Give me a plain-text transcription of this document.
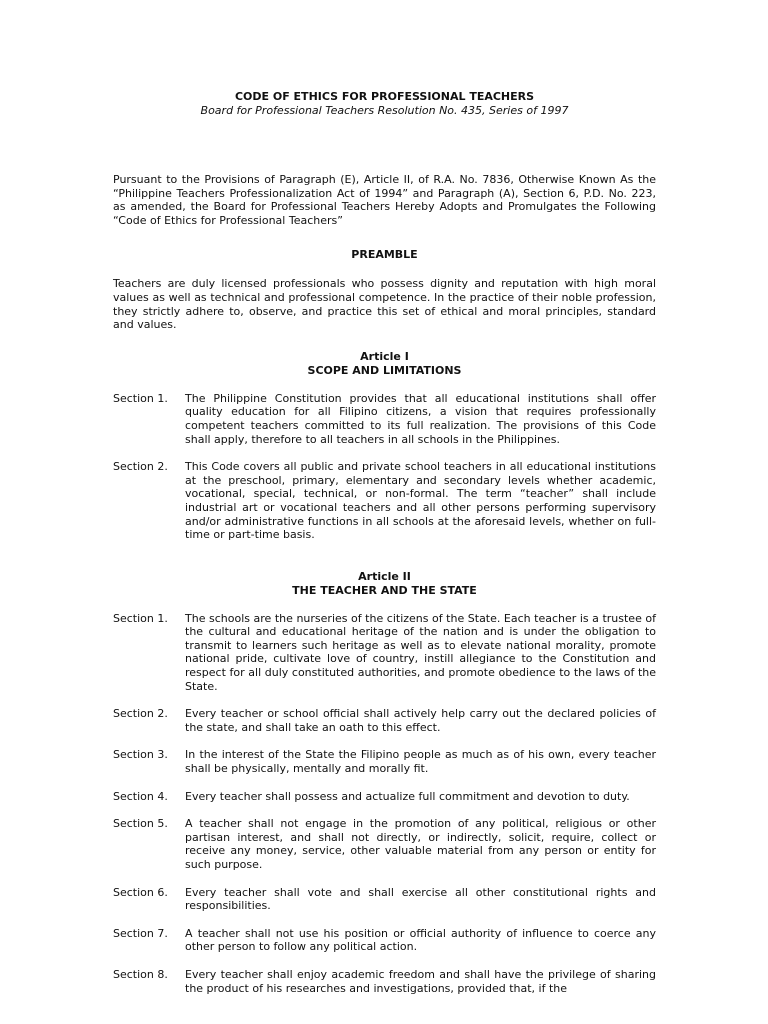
CODE OF ETHICS FOR PROFESSIONAL TEACHERS

Board for Professional Teachers Resolution No. 435, Series of 1997

Pursuant to the Provisions of Paragraph (E), Article II, of R.A. No. 7836, Otherwise Known As the “Philippine Teachers Professionalization Act of 1994” and Paragraph (A), Section 6, P.D. No. 223, as amended, the Board for Professional Teachers Hereby Adopts and Promulgates the Following “Code of Ethics for Professional Teachers”

PREAMBLE

Teachers are duly licensed professionals who possess dignity and reputation with high moral values as well as technical and professional competence. In the practice of their noble profession, they strictly adhere to, observe, and practice this set of ethical and moral principles, standard and values.

Article I

SCOPE AND LIMITATIONS

Section 1.	The Philippine Constitution provides that all educational institutions shall offer quality education for all Filipino citizens, a vision that requires professionally competent teachers committed to its full realization. The provisions of this Code shall apply, therefore to all teachers in all schools in the Philippines.
Section 2.	This Code covers all public and private school teachers in all educational institutions at the preschool, primary, elementary and secondary levels whether academic, vocational, special, technical, or non-formal. The term “teacher” shall include industrial art or vocational teachers and all other persons performing supervisory and/or administrative functions in all schools at the aforesaid levels, whether on full-time or part-time basis.

Article II

THE TEACHER AND THE STATE

Section 1.	The schools are the nurseries of the citizens of the State. Each teacher is a trustee of the cultural and educational heritage of the nation and is under the obligation to transmit to learners such heritage as well as to elevate national morality, promote national pride, cultivate love of country, instill allegiance to the Constitution and respect for all duly constituted authorities, and promote obedience to the laws of the State.
Section 2.	Every teacher or school official shall actively help carry out the declared policies of the state, and shall take an oath to this effect.
Section 3.	In the interest of the State the Filipino people as much as of his own, every teacher shall be physically, mentally and morally fit.
Section 4.	Every teacher shall possess and actualize full commitment and devotion to duty.
Section 5.	A teacher shall not engage in the promotion of any political, religious or other partisan interest, and shall not directly, or indirectly, solicit, require, collect or receive any money, service, other valuable material from any person or entity for such purpose.
Section 6.	Every teacher shall vote and shall exercise all other constitutional rights and responsibilities.
Section 7.	A teacher shall not use his position or official authority of influence to coerce any other person to follow any political action.
Section 8.	Every teacher shall enjoy academic freedom and shall have the privilege of sharing the product of his researches and investigations, provided that, if the
